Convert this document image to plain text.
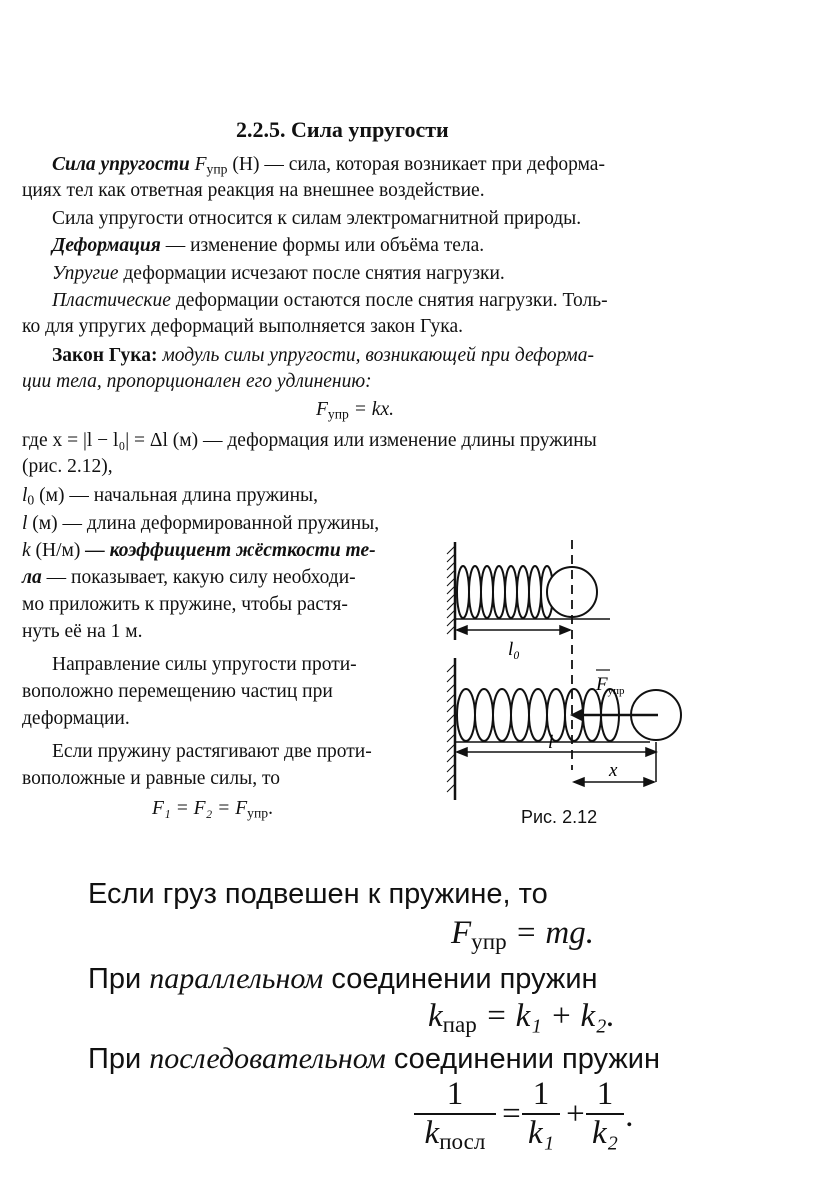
2.2.5. Сила упругости
Сила упругости $F_{упр}$ (Н) — сила, которая возникает при деформа-
циях тел как ответная реакция на внешнее воздействие.
Сила упругости относится к силам электромагнитной природы.
Деформация — изменение формы или объёма тела.
Упругие деформации исчезают после снятия нагрузки.
Пластические деформации остаются после снятия нагрузки. Толь-
ко для упругих деформаций выполняется закон Гука.
Закон Гука: модуль силы упругости, возникающей при деформа-
ции тела, пропорционален его удлинению:
$F_{упр}$ = kx.
где x = |l − l₀| = Δl (м) — деформация или изменение длины пружины
(рис. 2.12),
$l_0$ (м) — начальная длина пружины,
l (м) — длина деформированной пружины,
k (Н/м) — коэффициент жёсткости те-
ла — показывает, какую силу необходи-
мо приложить к пружине, чтобы растя-
нуть её на 1 м.
Направление силы упругости проти-
воположно перемещению частиц при
деформации.
Если пружину растягивают две проти-
воположные и равные силы, то
$F_1 = F_2 = F_{упр}$.
l₀
$F_{упр}$
l
x
Рис. 2.12
Если груз подвешен к пружине, то
$F_{упр}$ = mg.
При параллельном соединении пружин
$k_{пар} = k_1 + k_2$.
При последовательном соединении пружин
1
$k_{посл}$
=
1
k₁
+
1
k₂ .
